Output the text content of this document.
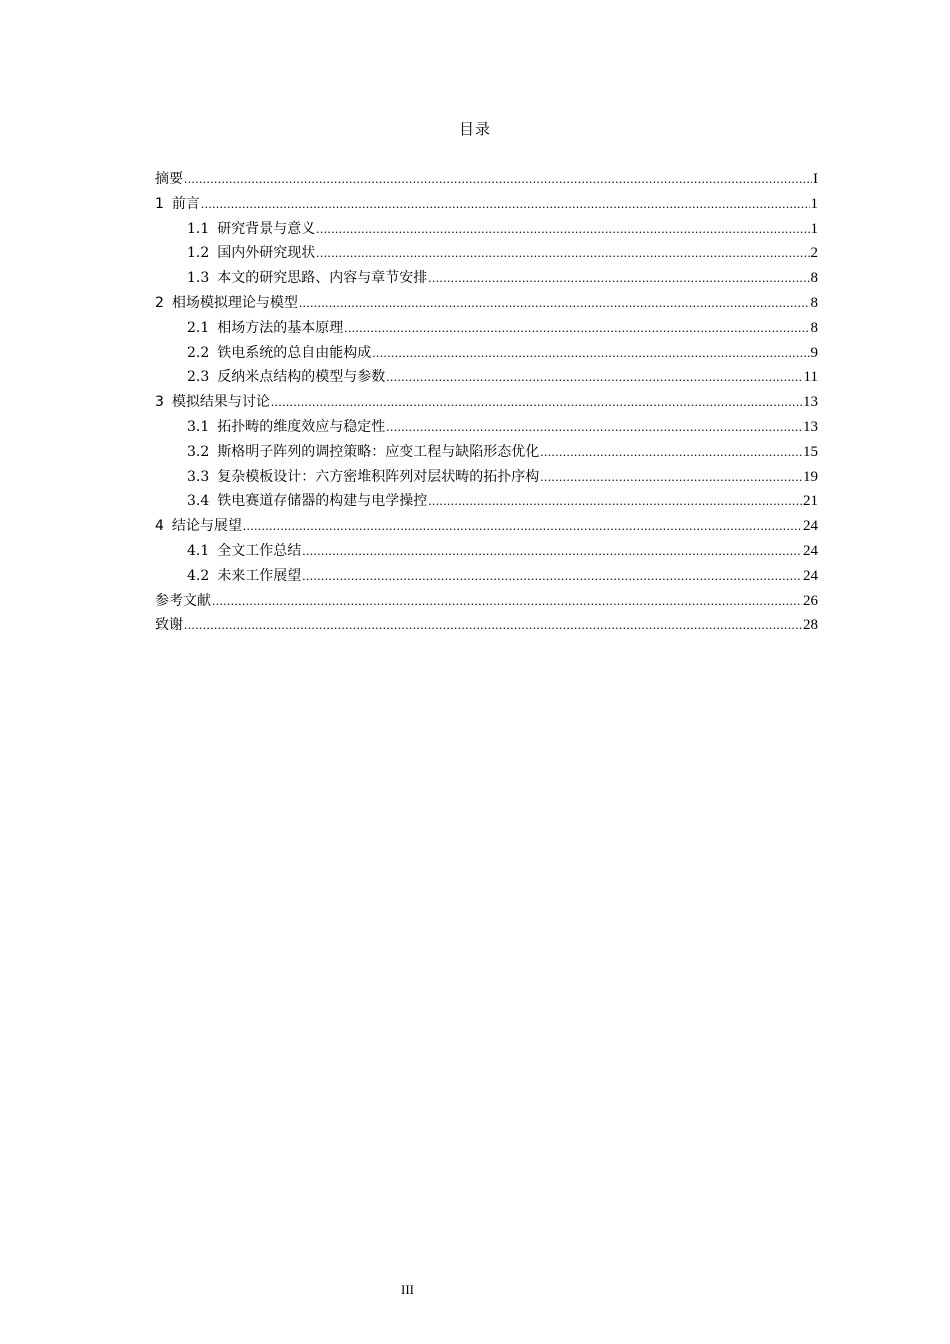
目录
摘要 .....	I
1 前言 .....	1
1.1 研究背景与意义 .....	1
1.2 国内外研究现状 .....	2
1.3 本文的研究思路、内容与章节安排 .....	8
2 相场模拟理论与模型 .....	8
2.1 相场方法的基本原理 .....	8
2.2 铁电系统的总自由能构成 .....	9
2.3 反纳米点结构的模型与参数 .....	11
3 模拟结果与讨论 .....	13
3.1 拓扑畴的维度效应与稳定性 .....	13
3.2 斯格明子阵列的调控策略：应变工程与缺陷形态优化 .....	15
3.3 复杂模板设计：六方密堆积阵列对层状畴的拓扑序构 .....	19
3.4 铁电赛道存储器的构建与电学操控 .....	21
4 结论与展望 .....	24
4.1 全文工作总结 .....	24
4.2 未来工作展望 .....	24
参考文献 .....	26
致谢 .....	28
III
